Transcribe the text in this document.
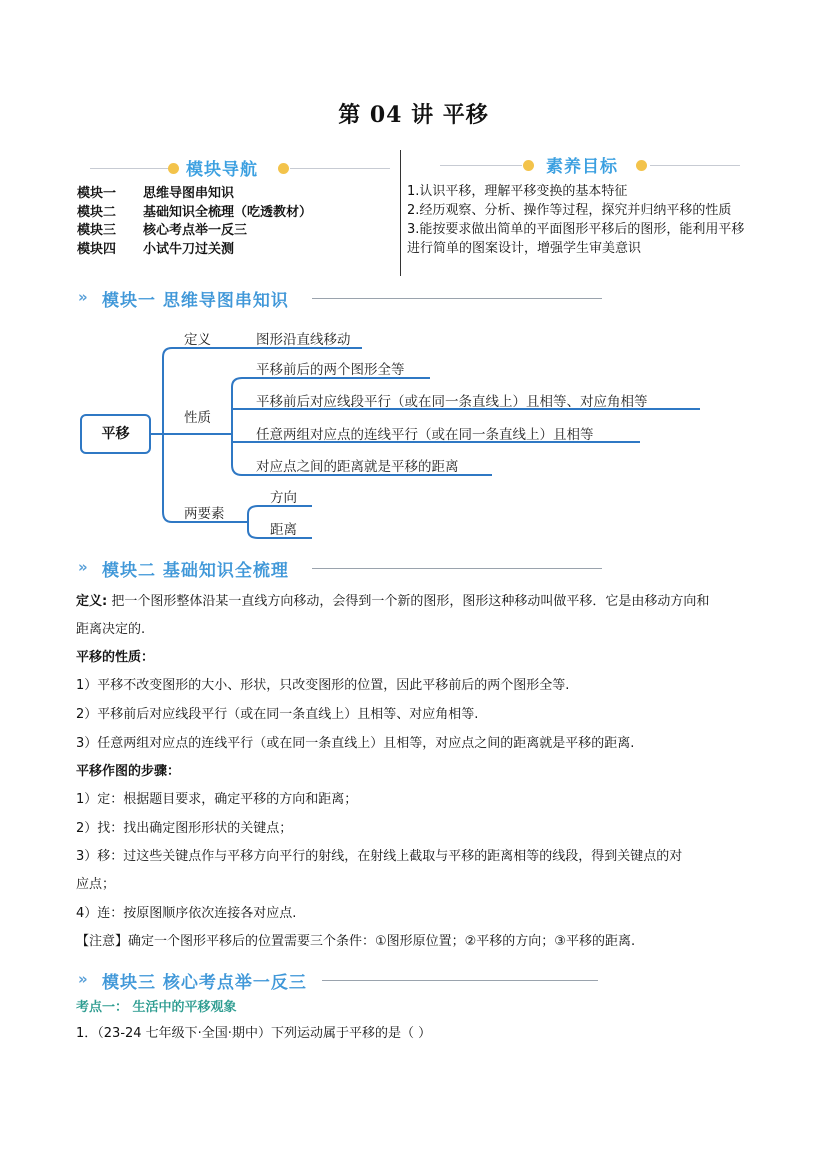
第 04 讲 平移
模块导航
模块一 思维导图串知识
模块二 基础知识全梳理（吃透教材）
模块三 核心考点举一反三
模块四 小试牛刀过关测
素养目标
1.认识平移，理解平移变换的基本特征
2.经历观察、分析、操作等过程，探究并归纳平移的性质
3.能按要求做出简单的平面图形平移后的图形，能利用平移进行简单的图案设计，增强学生审美意识
» 模块一 思维导图串知识
平移
定义	图形沿直线移动
性质
平移前后的两个图形全等
平移前后对应线段平行（或在同一条直线上）且相等、对应角相等
任意两组对应点的连线平行（或在同一条直线上）且相等
对应点之间的距离就是平移的距离
两要素
方向
距离
» 模块二 基础知识全梳理
定义: 把一个图形整体沿某一直线方向移动，会得到一个新的图形，图形这种移动叫做平移．它是由移动方向和
距离决定的.
平移的性质：
1）平移不改变图形的大小、形状，只改变图形的位置，因此平移前后的两个图形全等.
2）平移前后对应线段平行（或在同一条直线上）且相等、对应角相等.
3）任意两组对应点的连线平行（或在同一条直线上）且相等，对应点之间的距离就是平移的距离.
平移作图的步骤：
1）定：根据题目要求，确定平移的方向和距离；
2）找：找出确定图形形状的关键点；
3）移：过这些关键点作与平移方向平行的射线，在射线上截取与平移的距离相等的线段，得到关键点的对
应点；
4）连：按原图顺序依次连接各对应点.
【注意】确定一个图形平移后的位置需要三个条件：①图形原位置；②平移的方向；③平移的距离.
» 模块三 核心考点举一反三
考点一： 生活中的平移观象
1．（23-24 七年级下·全国·期中）下列运动属于平移的是（ ）
